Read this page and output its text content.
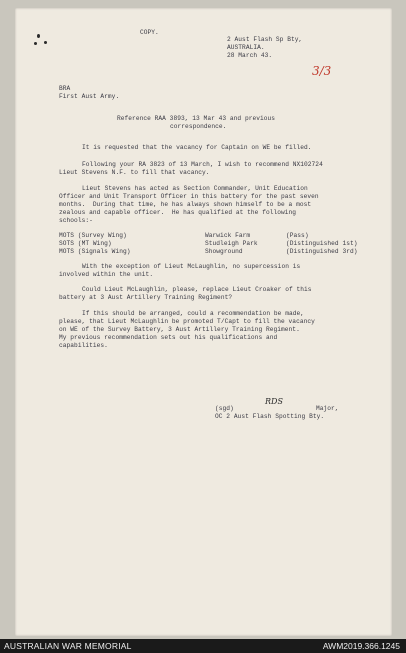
COPY.
2 Aust Flash Sp Bty,
AUSTRALIA.
28 March 43.
3/3
BRA
First Aust Army.
Reference RAA 3893, 13 Mar 43 and previous
correspondence.
It is requested that the vacancy for Captain on WE be filled.
Following your RA 3823 of 13 March, I wish to recommend NX102724
Lieut Stevens N.F. to fill that vacancy.
Lieut Stevens has acted as Section Commander, Unit Education
Officer and Unit Transport Officer in this battery for the past seven
months.  During that time, he has always shown himself to be a most
zealous and capable officer.  He has qualified at the following
schools:-
MOTS (Survey Wing)	Warwick Farm	(Pass)
SOTS (MT Wing)	Studleigh Park	(Distinguished 1st)
MOTS (Signals Wing)	Showground	(Distinguished 3rd)
With the exception of Lieut McLaughlin, no supercession is
involved within the unit.
Could Lieut McLaughlin, please, replace Lieut Croaker of this
battery at 3 Aust Artillery Training Regiment?
If this should be arranged, could a recommendation be made,
please, that Lieut McLaughlin be promoted T/Capt to fill the vacancy
on WE of the Survey Battery, 3 Aust Artillery Training Regiment.
My previous recommendation sets out his qualifications and
capabilities.
(sgd)
RDS
Major,
OC 2 Aust Flash Spotting Bty.
AUSTRALIAN WAR MEMORIAL	AWM2019.366.1245
